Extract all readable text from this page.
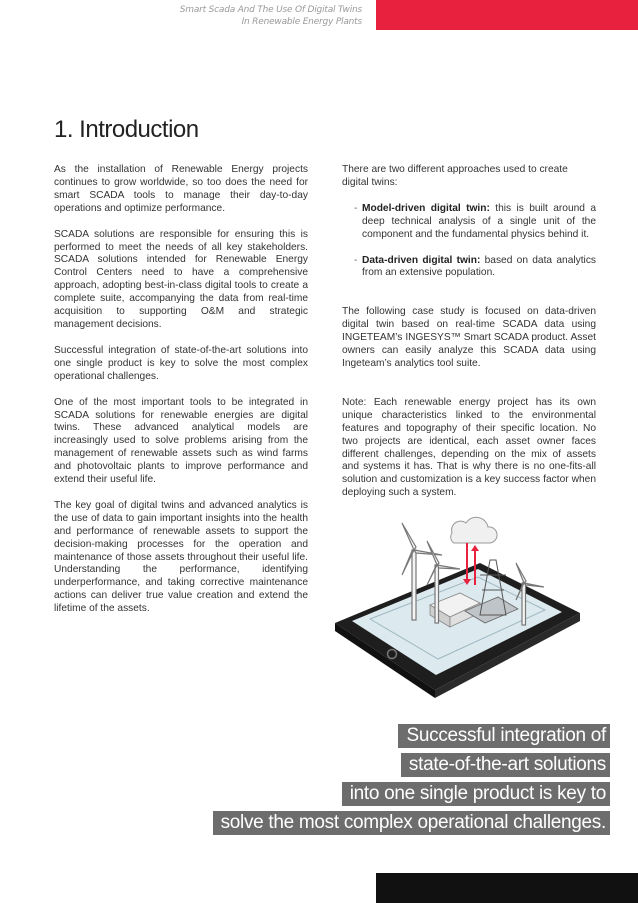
Smart Scada And The Use Of Digital Twins
In Renewable Energy Plants
1. Introduction

As the installation of Renewable Energy projects continues to grow worldwide, so too does the need for smart SCADA tools to manage their day-to-day operations and optimize performance.

SCADA solutions are responsible for ensuring this is performed to meet the needs of all key stakeholders. SCADA solutions intended for Renewable Energy Control Centers need to have a comprehensive approach, adopting best-in-class digital tools to create a complete suite, accompanying the data from real-time acquisition to supporting O&M and strategic management decisions.

Successful integration of state-of-the-art solutions into one single product is key to solve the most complex operational challenges.

One of the most important tools to be integrated in SCADA solutions for renewable energies are digital twins. These advanced analytical models are increasingly used to solve problems arising from the management of renewable assets such as wind farms and photovoltaic plants to improve performance and extend their useful life.

The key goal of digital twins and advanced analytics is the use of data to gain important insights into the health and performance of renewable assets to support the decision-making processes for the operation and maintenance of those assets throughout their useful life. Understanding the performance, identifying underperformance, and taking corrective maintenance actions can deliver true value creation and extend the lifetime of the assets.

There are two different approaches used to create digital twins:

- Model-driven digital twin: this is built around a deep technical analysis of a single unit of the component and the fundamental physics behind it.
- Data-driven digital twin: based on data analytics from an extensive population.

The following case study is focused on data-driven digital twin based on real-time SCADA data using INGETEAM’s INGESYS™ Smart SCADA product. Asset owners can easily analyze this SCADA data using Ingeteam’s analytics tool suite.

Note: Each renewable energy project has its own unique characteristics linked to the environmental features and topography of their specific location. No two projects are identical, each asset owner faces different challenges, depending on the mix of assets and systems it has. That is why there is no one-fits-all solution and customization is a key success factor when deploying such a system.

Successful integration of
state-of-the-art solutions
into one single product is key to
solve the most complex operational challenges.
